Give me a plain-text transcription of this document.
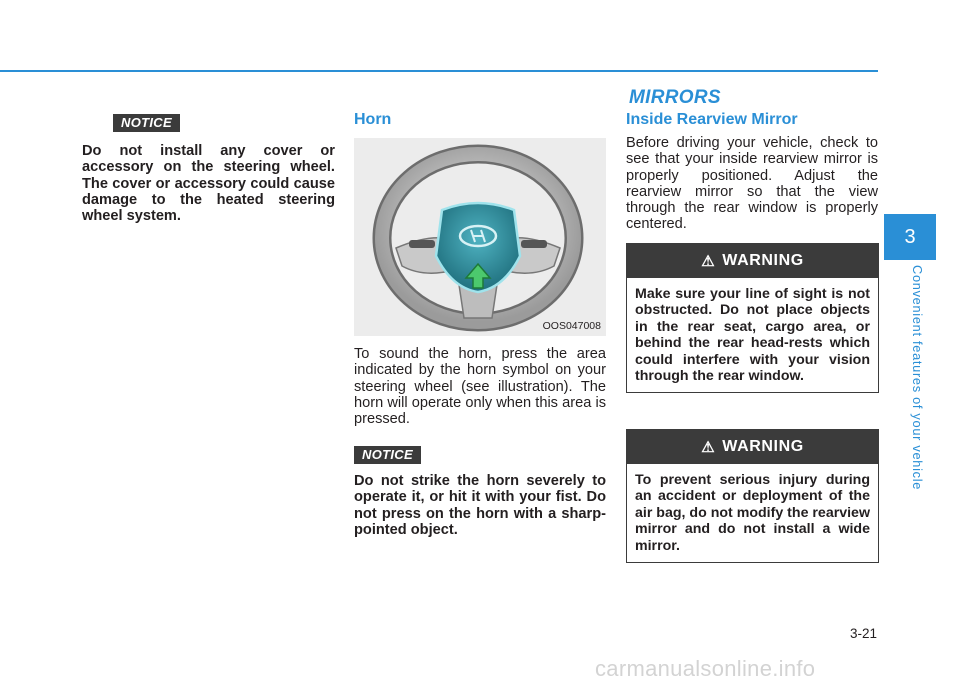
NOTICE
Do not install any cover or accessory on the steering wheel. The cover or accessory could cause damage to the heated steering wheel system.
Horn
OOS047008
To sound the horn, press the area indicated by the horn symbol on your steering wheel (see illustration). The horn will operate only when this area is pressed.
NOTICE
Do not strike the horn severely to operate it, or hit it with your fist. Do not press on the horn with a sharp-pointed object.
MIRRORS
Inside Rearview Mirror
Before driving your vehicle, check to see that your inside rearview mirror is properly positioned. Adjust the rearview mirror so that the view through the rear window is properly centered.
⚠ WARNING
Make sure your line of sight is not obstructed. Do not place objects in the rear seat, cargo area, or behind the rear head-rests which could interfere with your vision through the rear window.
⚠ WARNING
To prevent serious injury during an accident or deployment of the air bag, do not modify the rearview mirror and do not install a wide mirror.
3
Convenient features of your vehicle
3-21
carmanualsonline.info
